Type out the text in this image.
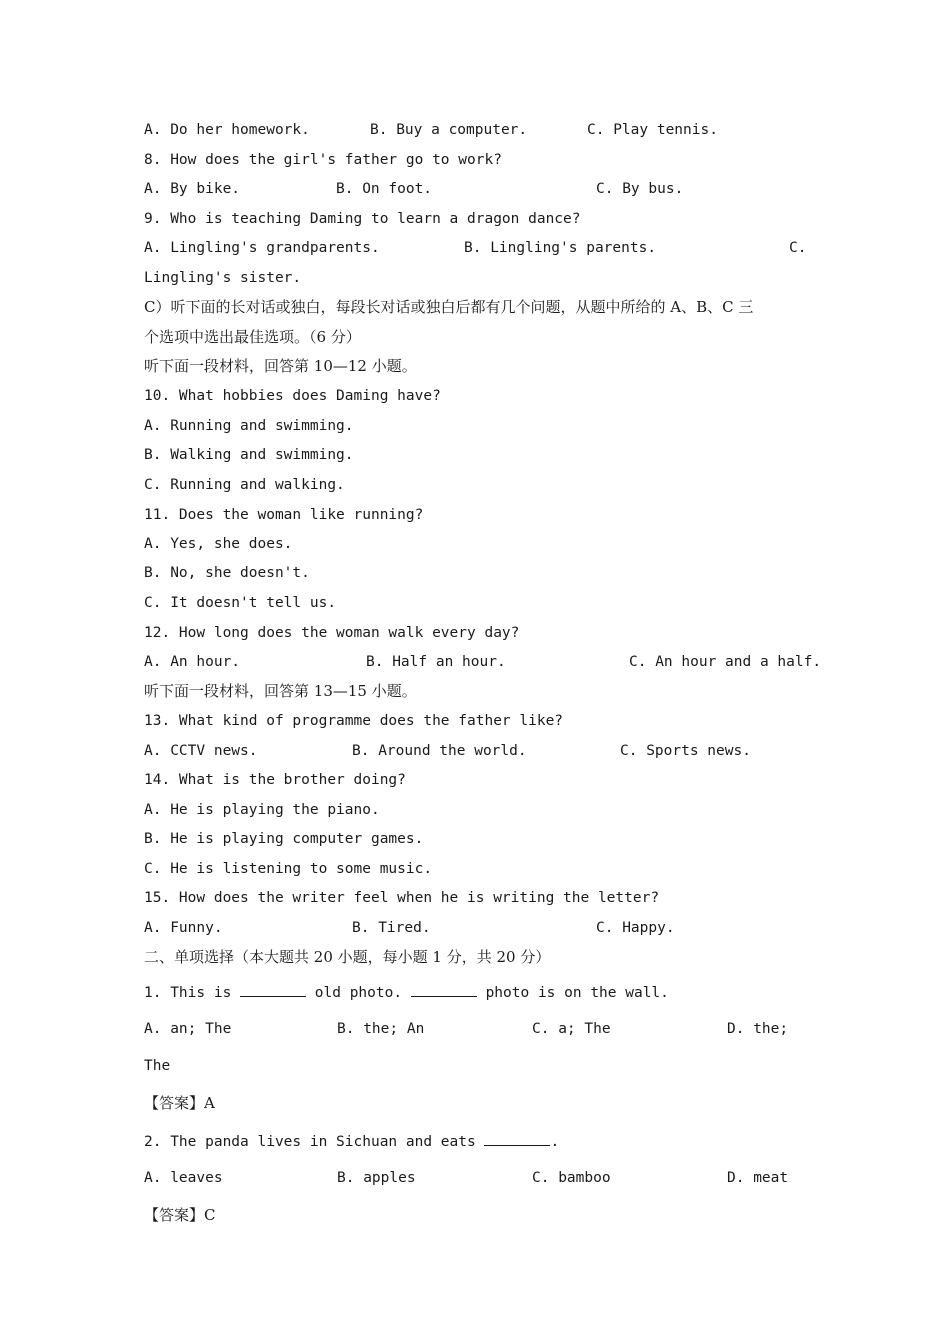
A. Do her homework.	B. Buy a computer.	C. Play tennis.
8. How does the girl's father go to work?
A. By bike.	B. On foot.	C. By bus.
9. Who is teaching Daming to learn a dragon dance?
A. Lingling's grandparents.	B. Lingling's parents.	C.
Lingling's sister.
C）听下面的长对话或独白，每段长对话或独白后都有几个问题，从题中所给的 A、B、C 三
个选项中选出最佳选项。（6 分）
听下面一段材料，回答第 10—12 小题。
10. What hobbies does Daming have?
A. Running and swimming.
B. Walking and swimming.
C. Running and walking.
11. Does the woman like running?
A. Yes, she does.
B. No, she doesn't.
C. It doesn't tell us.
12. How long does the woman walk every day?
A. An hour.	B. Half an hour.	C. An hour and a half.
听下面一段材料，回答第 13—15 小题。
13. What kind of programme does the father like?
A. CCTV news.	B. Around the world.	C. Sports news.
14. What is the brother doing?
A. He is playing the piano.
B. He is playing computer games.
C. He is listening to some music.
15. How does the writer feel when he is writing the letter?
A. Funny.	B. Tired.	C. Happy.
二、单项选择（本大题共 20 小题，每小题 1 分，共 20 分）
1. This is	old photo.	photo is on the wall.
A. an; The	B. the; An	C. a; The	D. the;
The
【答案】A
2. The panda lives in Sichuan and eats	.
A. leaves	B. apples	C. bamboo	D. meat
【答案】C
